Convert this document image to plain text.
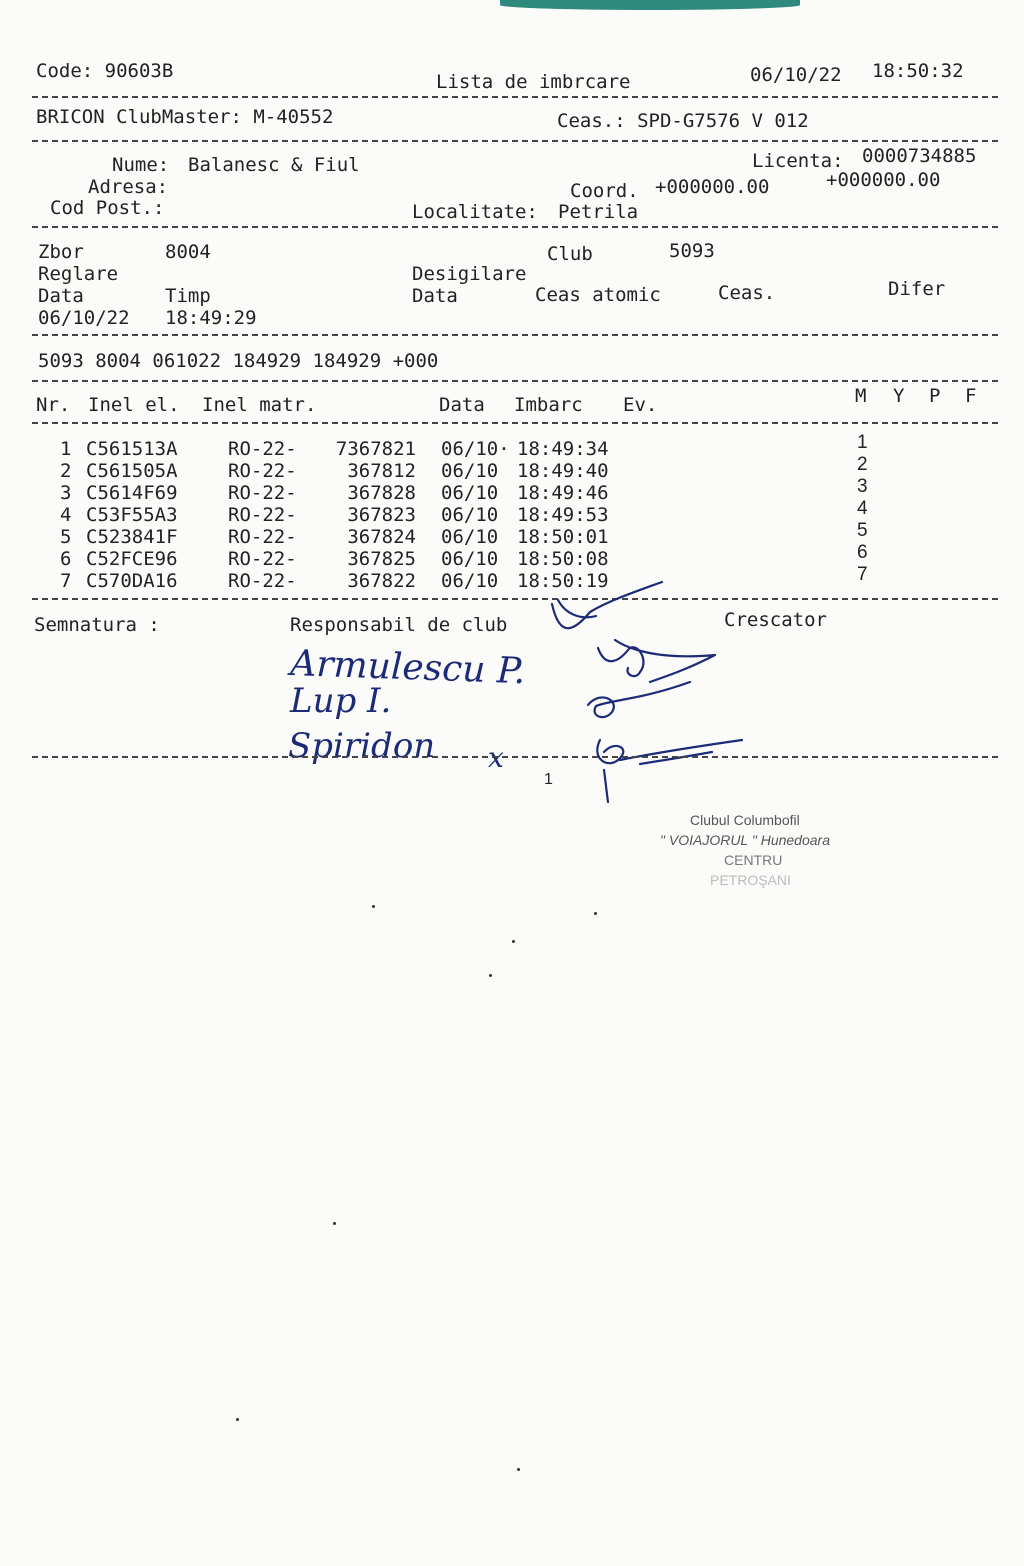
Code: 90603B	Lista de imbrcare	06/10/22 18:50:32
BRICON ClubMaster: M-40552	Ceas.: SPD-G7576 V 012
Nume: Balanesc & Fiul	Licenta: 0000734885
Adresa:	Coord. +000000.00	+000000.00
Cod Post.:	Localitate: Petrila
Zbor	8004	Club	5093
Reglare	Desigilare
Data	Timp	Data	Ceas atomic	Ceas.	Difer
06/10/22 18:49:29
5093 8004 061022 184929 184929 +000
Nr. Inel el. Inel matr.	Data Imbarc Ev.	M Y P F
1 C561513A	RO-22-	7367821 06/10· 18:49:34	1
2 C561505A	RO-22-	367812 06/10 18:49:40	2
3 C5614F69	RO-22-	367828 06/10 18:49:46	3
4 C53F55A3	RO-22-	367823 06/10 18:49:53	4
5 C523841F	RO-22-	367824 06/10 18:50:01	5
6 C52FCE96	RO-22-	367825 06/10 18:50:08	6
7 C570DA16	RO-22-	367822 06/10 18:50:19	7
Semnatura :	Responsabil de club	Crescator
Armulescu P.
Lup I.
Spiridon x
1
Clubul Columbofil
" VOIAJORUL " Hunedoara
CENTRU
PETROŞANI
